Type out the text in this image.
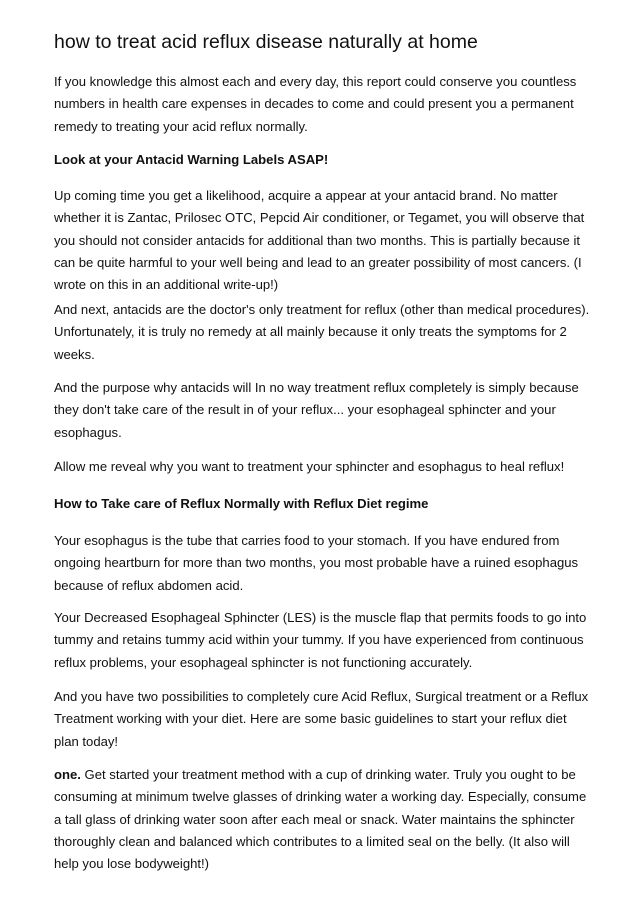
how to treat acid reflux disease naturally at home

If you knowledge this almost each and every day, this report could conserve you countless numbers in health care expenses in decades to come and could present you a permanent remedy to treating your acid reflux normally.

Look at your Antacid Warning Labels ASAP!

Up coming time you get a likelihood, acquire a appear at your antacid brand. No matter whether it is Zantac, Prilosec OTC, Pepcid Air conditioner, or Tegamet, you will observe that you should not consider antacids for additional than two months. This is partially because it can be quite harmful to your well being and lead to an greater possibility of most cancers. (I wrote on this in an additional write-up!)

And next, antacids are the doctor's only treatment for reflux (other than medical procedures). Unfortunately, it is truly no remedy at all mainly because it only treats the symptoms for 2 weeks.

And the purpose why antacids will In no way treatment reflux completely is simply because they don't take care of the result in of your reflux... your esophageal sphincter and your esophagus.

Allow me reveal why you want to treatment your sphincter and esophagus to heal reflux!

How to Take care of Reflux Normally with Reflux Diet regime

Your esophagus is the tube that carries food to your stomach. If you have endured from ongoing heartburn for more than two months, you most probable have a ruined esophagus because of reflux abdomen acid.

Your Decreased Esophageal Sphincter (LES) is the muscle flap that permits foods to go into tummy and retains tummy acid within your tummy. If you have experienced from continuous reflux problems, your esophageal sphincter is not functioning accurately.

And you have two possibilities to completely cure Acid Reflux, Surgical treatment or a Reflux Treatment working with your diet. Here are some basic guidelines to start your reflux diet plan today!

one. Get started your treatment method with a cup of drinking water. Truly you ought to be consuming at minimum twelve glasses of drinking water a working day. Especially, consume a tall glass of drinking water soon after each meal or snack. Water maintains the sphincter thoroughly clean and balanced which contributes to a limited seal on the belly. (It also will help you lose bodyweight!)
